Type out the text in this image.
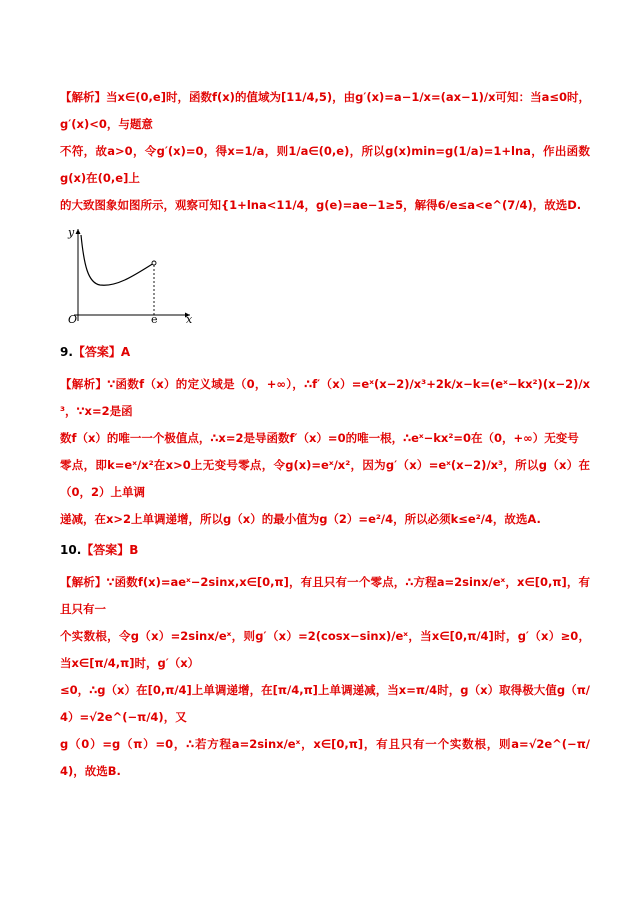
【解析】当x∈(0,e]时，函数f(x)的值域为[11/4,5)，由g′(x)=a−1/x=(ax−1)/x可知：当a≤0时，g′(x)<0，与题意

不符，故a>0，令g′(x)=0，得x=1/a，则1/a∈(0,e)，所以g(x)min=g(1/a)=1+lna，作出函数g(x)在(0,e]上

的大致图象如图所示，观察可知{1+lna<11/4，g(e)=ae−1≥5，解得6/e≤a<e^(7/4)，故选D.

y
x
O	e
9.【答案】A

【解析】∵函数f（x）的定义域是（0，+∞），∴f′（x）=eˣ(x−2)/x³+2k/x−k=(eˣ−kx²)(x−2)/x³，∵x=2是函

数f（x）的唯一一个极值点，∴x=2是导函数f′（x）=0的唯一根，∴eˣ−kx²=0在（0，+∞）无变号

零点，即k=eˣ/x²在x>0上无变号零点，令g(x)=eˣ/x²，因为g′（x）=eˣ(x−2)/x³，所以g（x）在（0，2）上单调

递减，在x>2上单调递增，所以g（x）的最小值为g（2）=e²/4，所以必须k≤e²/4，故选A.

10.【答案】B

【解析】∵函数f(x)=aeˣ−2sinx,x∈[0,π]，有且只有一个零点，∴方程a=2sinx/eˣ，x∈[0,π]，有且只有一

个实数根，令g（x）=2sinx/eˣ，则g′（x）=2(cosx−sinx)/eˣ，当x∈[0,π/4]时，g′（x）≥0，当x∈[π/4,π]时，g′（x）

≤0，∴g（x）在[0,π/4]上单调递增，在[π/4,π]上单调递减，当x=π/4时，g（x）取得极大值g（π/4）=√2e^(−π/4)，又

g（0）=g（π）=0，∴若方程a=2sinx/eˣ，x∈[0,π]，有且只有一个实数根，则a=√2e^(−π/4)，故选B.
